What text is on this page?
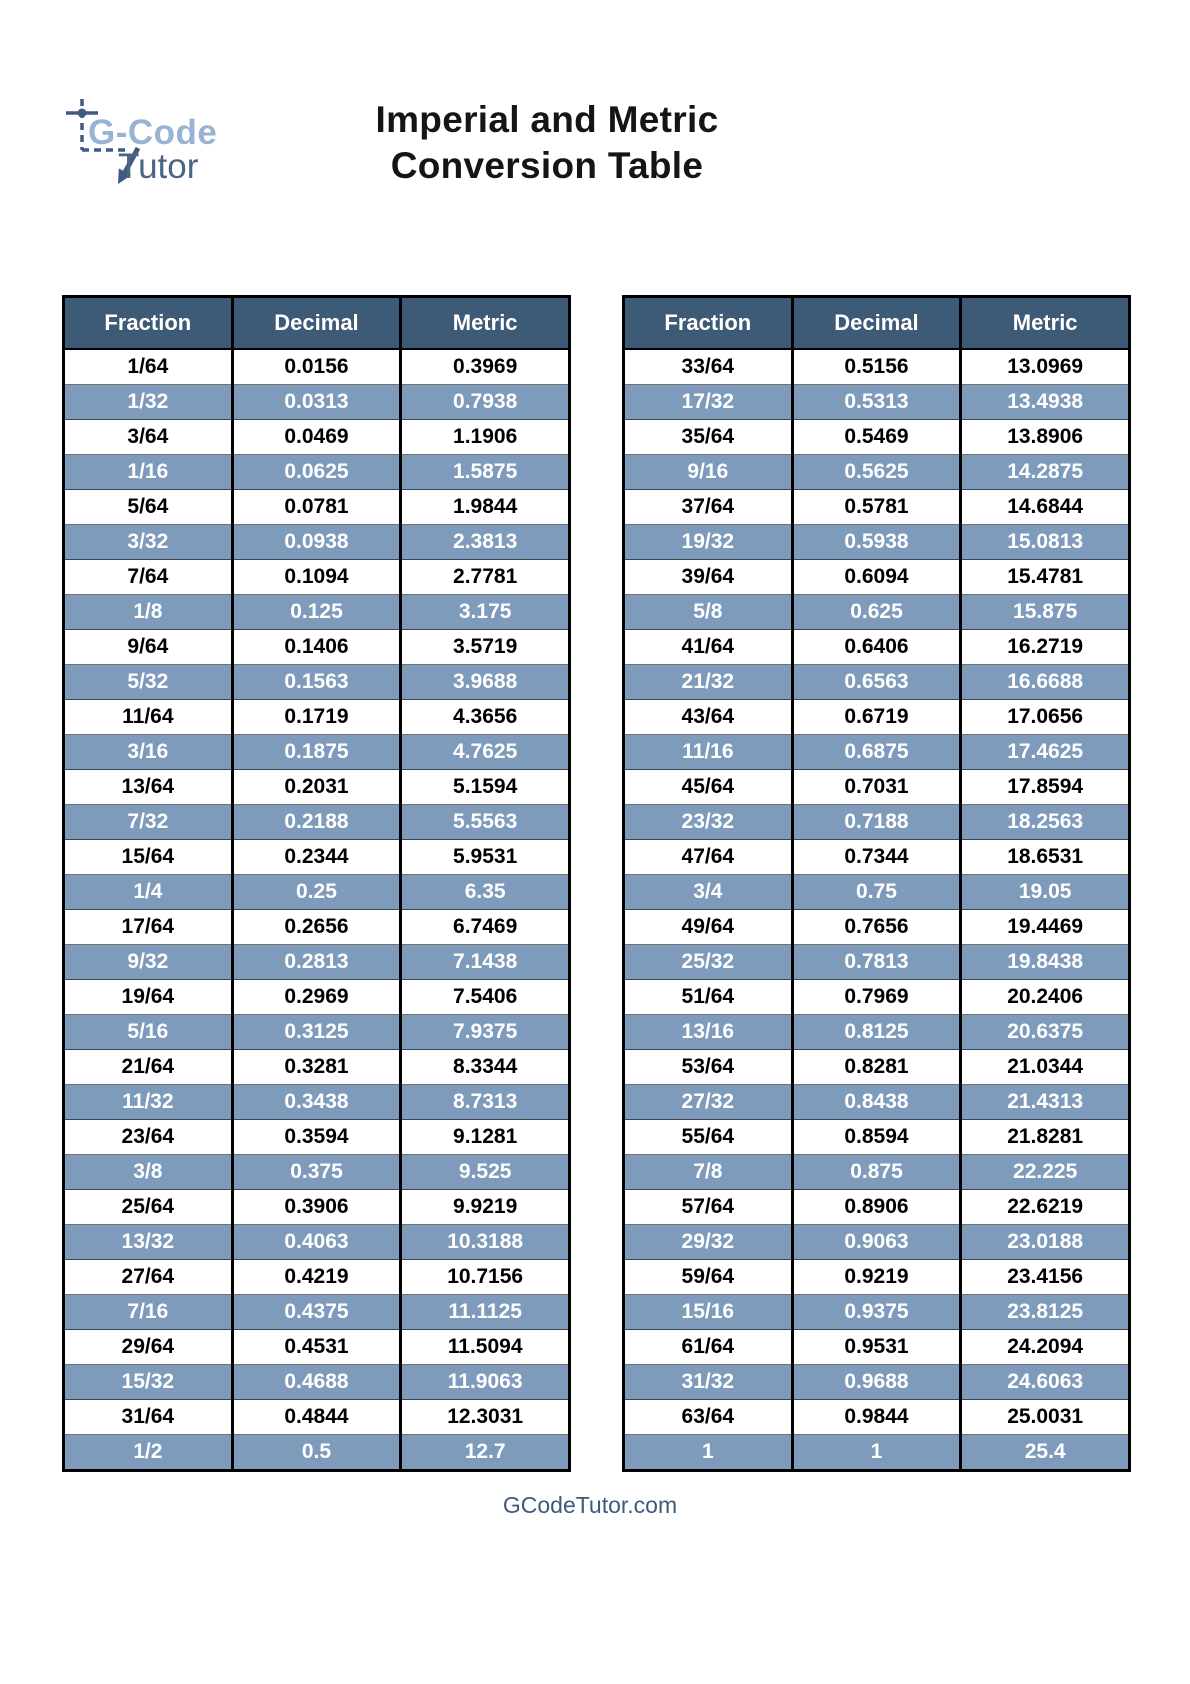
G-Code
Tutor
Imperial and Metric
Conversion Table
Fraction	Decimal	Metric
1/64	0.0156	0.3969
1/32	0.0313	0.7938
3/64	0.0469	1.1906
1/16	0.0625	1.5875
5/64	0.0781	1.9844
3/32	0.0938	2.3813
7/64	0.1094	2.7781
1/8	0.125	3.175
9/64	0.1406	3.5719
5/32	0.1563	3.9688
11/64	0.1719	4.3656
3/16	0.1875	4.7625
13/64	0.2031	5.1594
7/32	0.2188	5.5563
15/64	0.2344	5.9531
1/4	0.25	6.35
17/64	0.2656	6.7469
9/32	0.2813	7.1438
19/64	0.2969	7.5406
5/16	0.3125	7.9375
21/64	0.3281	8.3344
11/32	0.3438	8.7313
23/64	0.3594	9.1281
3/8	0.375	9.525
25/64	0.3906	9.9219
13/32	0.4063	10.3188
27/64	0.4219	10.7156
7/16	0.4375	11.1125
29/64	0.4531	11.5094
15/32	0.4688	11.9063
31/64	0.4844	12.3031
1/2	0.5	12.7
Fraction	Decimal	Metric
33/64	0.5156	13.0969
17/32	0.5313	13.4938
35/64	0.5469	13.8906
9/16	0.5625	14.2875
37/64	0.5781	14.6844
19/32	0.5938	15.0813
39/64	0.6094	15.4781
5/8	0.625	15.875
41/64	0.6406	16.2719
21/32	0.6563	16.6688
43/64	0.6719	17.0656
11/16	0.6875	17.4625
45/64	0.7031	17.8594
23/32	0.7188	18.2563
47/64	0.7344	18.6531
3/4	0.75	19.05
49/64	0.7656	19.4469
25/32	0.7813	19.8438
51/64	0.7969	20.2406
13/16	0.8125	20.6375
53/64	0.8281	21.0344
27/32	0.8438	21.4313
55/64	0.8594	21.8281
7/8	0.875	22.225
57/64	0.8906	22.6219
29/32	0.9063	23.0188
59/64	0.9219	23.4156
15/16	0.9375	23.8125
61/64	0.9531	24.2094
31/32	0.9688	24.6063
63/64	0.9844	25.0031
1	1	25.4
GCodeTutor.com
